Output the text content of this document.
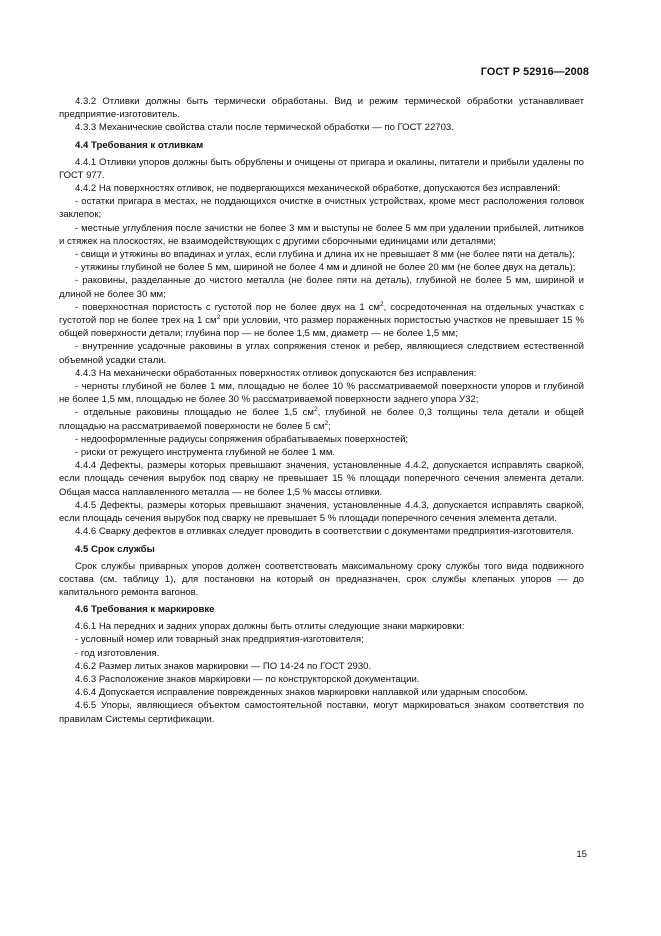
ГОСТ Р 52916—2008

4.3.2 Отливки должны быть термически обработаны. Вид и режим термической обработки устанавливает предприятие-изготовитель.

4.3.3 Механические свойства стали после термической обработки — по ГОСТ 22703.

4.4 Требования к отливкам

4.4.1 Отливки упоров должны быть обрублены и очищены от пригара и окалины, питатели и прибыли удалены по ГОСТ 977.

4.4.2 На поверхностях отливок, не подвергающихся механической обработке, допускаются без исправлений:

- остатки пригара в местах, не поддающихся очистке в очистных устройствах, кроме мест расположения головок заклепок;

- местные углубления после зачистки не более 3 мм и выступы не более 5 мм при удалении прибылей, литников и стяжек на плоскостях, не взаимодействующих с другими сборочными единицами или деталями;

- свищи и утяжины во впадинах и углах, если глубина и длина их не превышает 8 мм (не более пяти на деталь);

- утяжины глубиной не более 5 мм, шириной не более 4 мм и длиной не более 20 мм (не более двух на деталь);

- раковины, разделанные до чистого металла (не более пяти на деталь), глубиной не более 5 мм, шириной и длиной не более 30 мм;

- поверхностная пористость с густотой пор не более двух на 1 $см^2$, сосредоточенная на отдельных участках с густотой пор не более трех на 1 $см^2$ при условии, что размер пораженных пористостью участков не превышает 15 % общей поверхности детали; глубина пор — не более 1,5 мм, диаметр — не более 1,5 мм;

- внутренние усадочные раковины в углах сопряжения стенок и ребер, являющиеся следствием естественной объемной усадки стали.

4.4.3 На механически обработанных поверхностях отливок допускаются без исправления:

- черноты глубиной не более 1 мм, площадью не более 10 % рассматриваемой поверхности упоров и глубиной не более 1,5 мм, площадью не более 30 % рассматриваемой поверхности заднего упора У32;

- отдельные раковины площадью не более 1,5 $см^2$, глубиной не более 0,3 толщины тела детали и общей площадью на рассматриваемой поверхности не более 5 $см^2$;

- недооформленные радиусы сопряжения обрабатываемых поверхностей;

- риски от режущего инструмента глубиной не более 1 мм.

4.4.4 Дефекты, размеры которых превышают значения, установленные 4.4.2, допускается исправлять сваркой, если площадь сечения вырубок под сварку не превышает 15 % площади поперечного сечения элемента детали. Общая масса наплавленного металла — не более 1,5 % массы отливки.

4.4.5 Дефекты, размеры которых превышают значения, установленные 4.4.3, допускается исправлять сваркой, если площадь сечения вырубок под сварку не превышает 5 % площади поперечного сечения элемента детали.

4.4.6 Сварку дефектов в отливках следует проводить в соответствии с документами предприятия-изготовителя.

4.5 Срок службы

Срок службы приварных упоров должен соответствовать максимальному сроку службы того вида подвижного состава (см. таблицу 1), для постановки на который он предназначен, срок службы клепаных упоров — до капитального ремонта вагонов.

4.6 Требования к маркировке

4.6.1 На передних и задних упорах должны быть отлиты следующие знаки маркировки:

- условный номер или товарный знак предприятия-изготовителя;

- год изготовления.

4.6.2 Размер литых знаков маркировки — ПО 14-24 по ГОСТ 2930.

4.6.3 Расположение знаков маркировки — по конструкторской документации.

4.6.4 Допускается исправление поврежденных знаков маркировки наплавкой или ударным способом.

4.6.5 Упоры, являющиеся объектом самостоятельной поставки, могут маркироваться знаком соответствия по правилам Системы сертификации.

15
